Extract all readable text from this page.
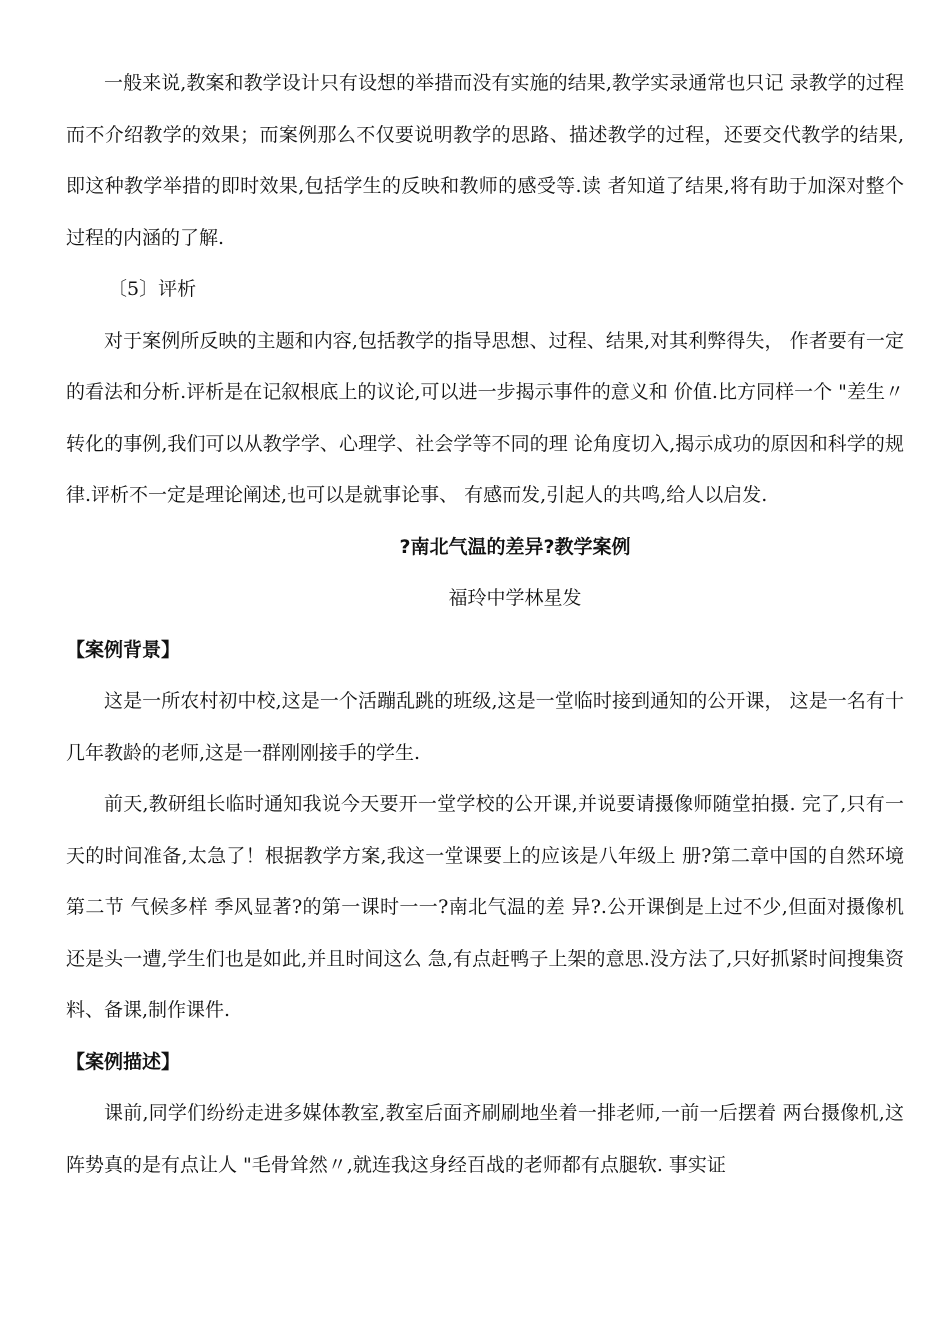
一般来说,教案和教学设计只有设想的举措而没有实施的结果,教学实录通常也只记 录教学的过程而不介绍教学的效果；而案例那么不仅要说明教学的思路、描述教学的过程，还要交代教学的结果,即这种教学举措的即时效果,包括学生的反映和教师的感受等.读 者知道了结果,将有助于加深对整个过程的内涵的了解.

〔5〕评析

对于案例所反映的主题和内容,包括教学的指导思想、过程、结果,对其利弊得失， 作者要有一定的看法和分析.评析是在记叙根底上的议论,可以进一步揭示事件的意义和 价值.比方同样一个 "差生〃转化的事例,我们可以从教学学、心理学、社会学等不同的理 论角度切入,揭示成功的原因和科学的规律.评析不一定是理论阐述,也可以是就事论事、 有感而发,引起人的共鸣,给人以启发.

?南北气温的差异?教学案例

福玲中学林星发

【案例背景】

这是一所农村初中校,这是一个活蹦乱跳的班级,这是一堂临时接到通知的公开课， 这是一名有十几年教龄的老师,这是一群刚刚接手的学生.

前天,教研组长临时通知我说今天要开一堂学校的公开课,并说要请摄像师随堂拍摄. 完了,只有一天的时间准备,太急了！根据教学方案,我这一堂课要上的应该是八年级上 册?第二章中国的自然环境第二节 气候多样 季风显著?的第一课时一一?南北气温的差 异?.公开课倒是上过不少,但面对摄像机还是头一遭,学生们也是如此,并且时间这么 急,有点赶鸭子上架的意思.没方法了,只好抓紧时间搜集资料、备课,制作课件.

【案例描述】

课前,同学们纷纷走进多媒体教室,教室后面齐刷刷地坐着一排老师,一前一后摆着 两台摄像机,这阵势真的是有点让人 "毛骨耸然〃,就连我这身经百战的老师都有点腿软. 事实证
